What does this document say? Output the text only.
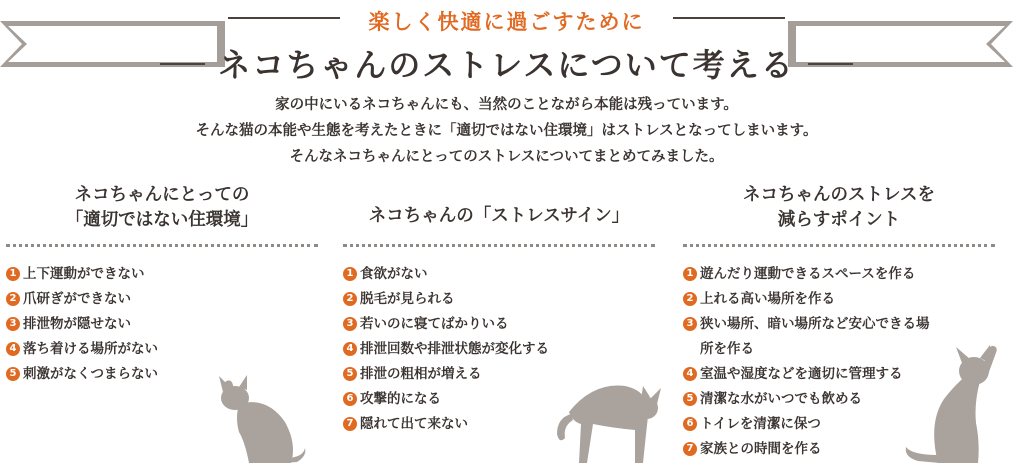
楽しく快適に過ごすために
ネコちゃんのストレスについて考える
家の中にいるネコちゃんにも、当然のことながら本能は残っています。
そんな猫の本能や生態を考えたときに「適切ではない住環境」はストレスとなってしまいます。
そんなネコちゃんにとってのストレスについてまとめてみました。
ネコちゃんにとっての
「適切ではない住環境」
1 上下運動ができない
2 爪研ぎができない
3 排泄物が隠せない
4 落ち着ける場所がない
5 刺激がなくつまらない
ネコちゃんの「ストレスサイン」
1 食欲がない
2 脱毛が見られる
3 若いのに寝てばかりいる
4 排泄回数や排泄状態が変化する
5 排泄の粗相が増える
6 攻撃的になる
7 隠れて出て来ない
ネコちゃんのストレスを
減らすポイント
1 遊んだり運動できるスペースを作る
2 上れる高い場所を作る
3 狭い場所、暗い場所など安心できる場所を作る
4 室温や湿度などを適切に管理する
5 清潔な水がいつでも飲める
6 トイレを清潔に保つ
7 家族との時間を作る
